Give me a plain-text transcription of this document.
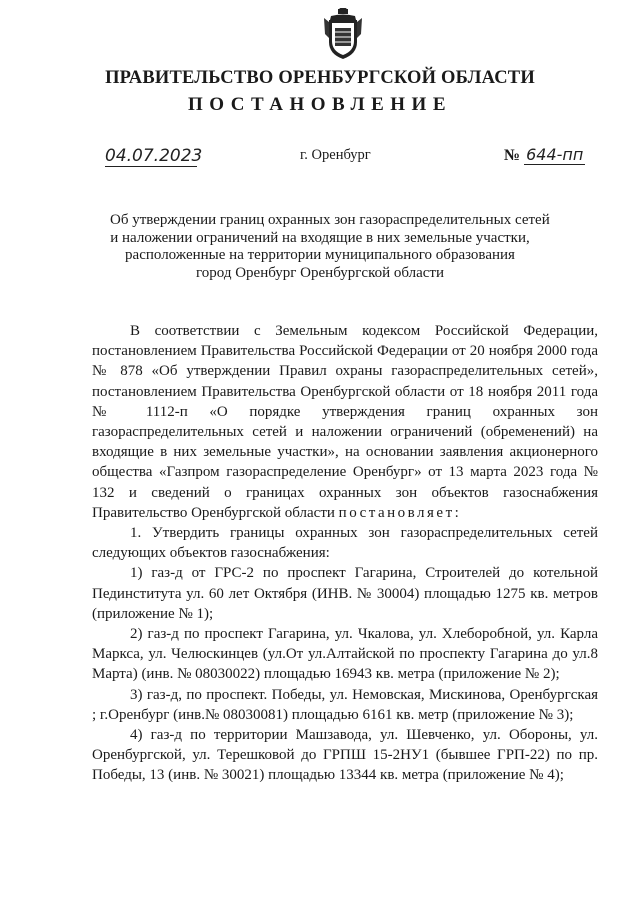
ПРАВИТЕЛЬСТВО ОРЕНБУРГСКОЙ ОБЛАСТИ
ПОСТАНОВЛЕНИЕ
04.07.2023	г. Оренбург	№ 644-пп
Об утверждении границ охранных зон газораспределительных сетей
и наложении ограничений на входящие в них земельные участки,
расположенные на территории муниципального образования
город Оренбург Оренбургской области

В соответствии с Земельным кодексом Российской Федерации, постановлением Правительства Российской Федерации от 20 ноября 2000 года № 878 «Об утверждении Правил охраны газораспределительных сетей», постановлением Правительства Оренбургской области от 18 ноября 2011 года № 1112-п «О порядке утверждения границ охранных зон газораспределительных сетей и наложении ограничений (обременений) на входящие в них земельные участки», на основании заявления акционерного общества «Газпром газораспределение Оренбург» от 13 марта 2023 года № 132 и сведений о границах охранных зон объектов газоснабжения Правительство Оренбургской области постановляет:

1. Утвердить границы охранных зон газораспределительных сетей следующих объектов газоснабжения:

1) газ-д от ГРС-2 по проспект Гагарина, Строителей до котельной Пединститута ул. 60 лет Октября (ИНВ. № 30004) площадью 1275 кв. метров (приложение № 1);

2) газ-д по проспект Гагарина, ул. Чкалова, ул. Хлеборобной, ул. Карла Маркса, ул. Челюскинцев (ул.От ул.Алтайской по проспекту Гагарина до ул.8 Марта) (инв. № 08030022) площадью 16943 кв. метра (приложение № 2);

3) газ-д, по проспект. Победы, ул. Немовская, Мискинова, Оренбургская ; г.Оренбург (инв.№ 08030081) площадью 6161 кв. метр (приложение № 3);

4) газ-д по территории Машзавода, ул. Шевченко, ул. Обороны, ул. Оренбургской, ул. Терешковой до ГРПШ 15-2НУ1 (бывшее ГРП-22) по пр. Победы, 13 (инв. № 30021) площадью 13344 кв. метра (приложение № 4);
